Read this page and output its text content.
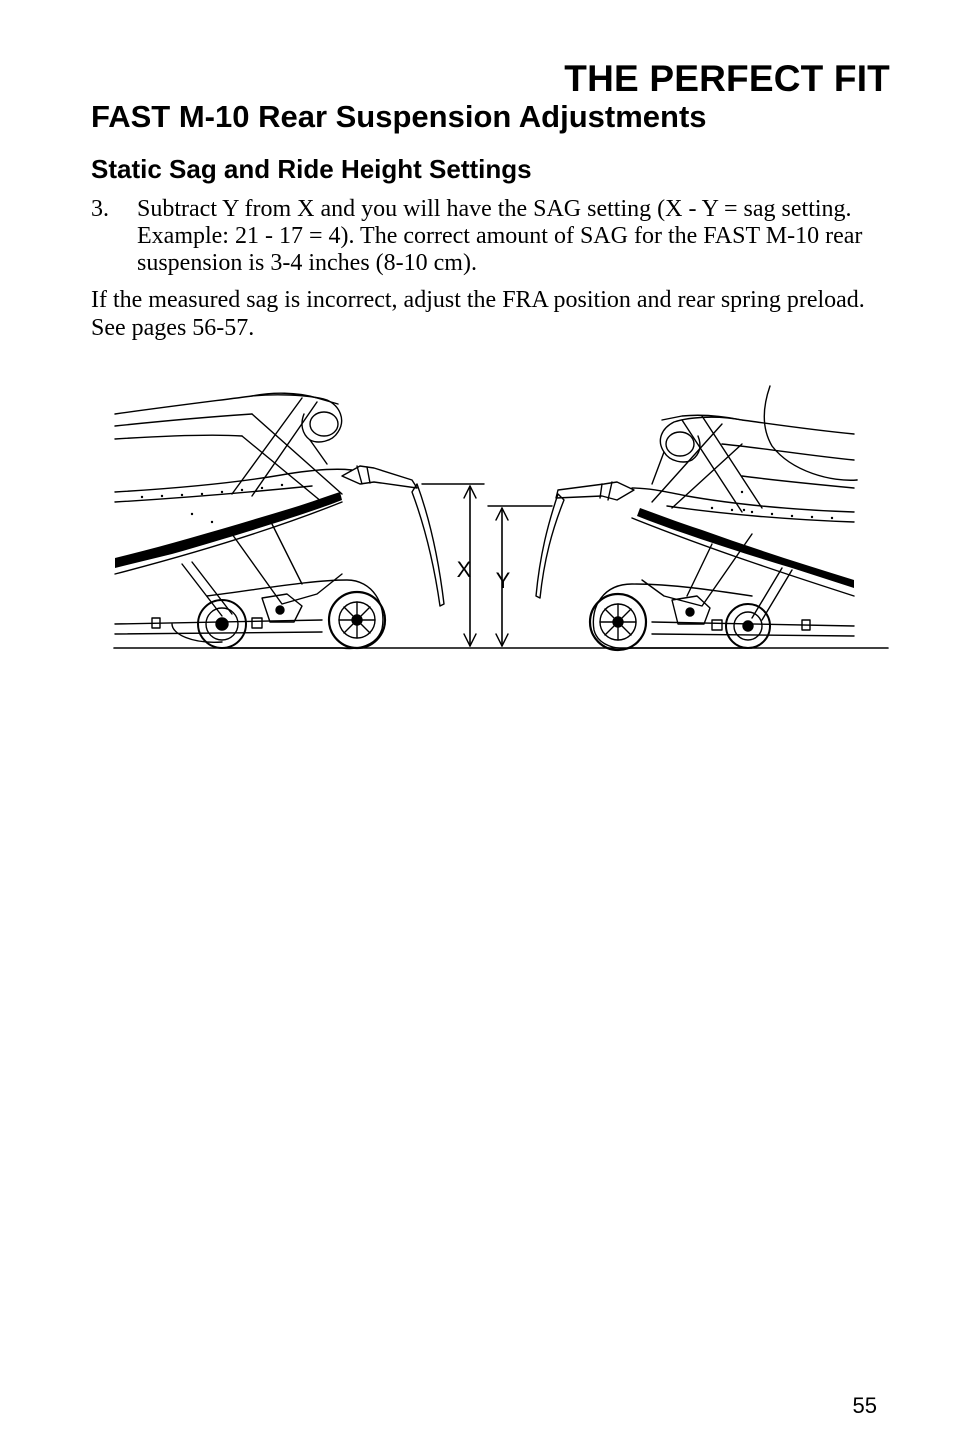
THE PERFECT FIT
FAST M-10 Rear Suspension Adjustments
Static Sag and Ride Height Settings
3. Subtract Y from X and you will have the SAG setting (X - Y = sag setting. Example: 21 - 17 = 4). The correct amount of SAG for the FAST M-10 rear suspension is 3-4 inches (8-10 cm).

If the measured sag is incorrect, adjust the FRA position and rear spring preload. See pages 56-57.

X Y
55
